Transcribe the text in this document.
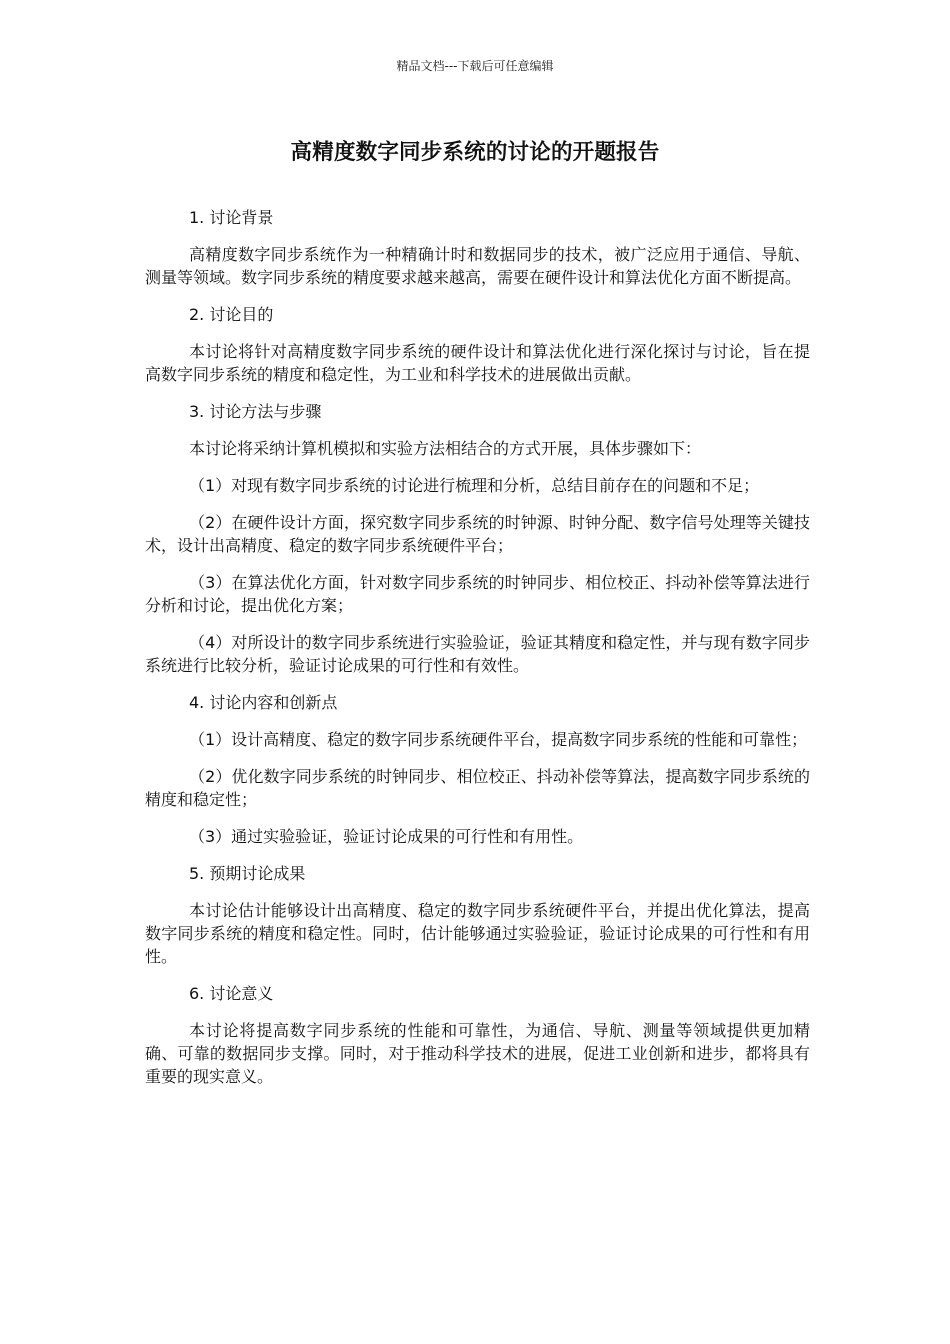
精品文档---下载后可任意编辑
高精度数字同步系统的讨论的开题报告
1. 讨论背景
高精度数字同步系统作为一种精确计时和数据同步的技术，被广泛应用于通信、导航、测量等领域。数字同步系统的精度要求越来越高，需要在硬件设计和算法优化方面不断提高。
2. 讨论目的
本讨论将针对高精度数字同步系统的硬件设计和算法优化进行深化探讨与讨论，旨在提高数字同步系统的精度和稳定性，为工业和科学技术的进展做出贡献。
3. 讨论方法与步骤
本讨论将采纳计算机模拟和实验方法相结合的方式开展，具体步骤如下：
（1）对现有数字同步系统的讨论进行梳理和分析，总结目前存在的问题和不足；
（2）在硬件设计方面，探究数字同步系统的时钟源、时钟分配、数字信号处理等关键技术，设计出高精度、稳定的数字同步系统硬件平台；
（3）在算法优化方面，针对数字同步系统的时钟同步、相位校正、抖动补偿等算法进行分析和讨论，提出优化方案；
（4）对所设计的数字同步系统进行实验验证，验证其精度和稳定性，并与现有数字同步系统进行比较分析，验证讨论成果的可行性和有效性。
4. 讨论内容和创新点
（1）设计高精度、稳定的数字同步系统硬件平台，提高数字同步系统的性能和可靠性；
（2）优化数字同步系统的时钟同步、相位校正、抖动补偿等算法，提高数字同步系统的精度和稳定性；
（3）通过实验验证，验证讨论成果的可行性和有用性。
5. 预期讨论成果
本讨论估计能够设计出高精度、稳定的数字同步系统硬件平台，并提出优化算法，提高数字同步系统的精度和稳定性。同时，估计能够通过实验验证，验证讨论成果的可行性和有用性。
6. 讨论意义
本讨论将提高数字同步系统的性能和可靠性，为通信、导航、测量等领域提供更加精确、可靠的数据同步支撑。同时，对于推动科学技术的进展，促进工业创新和进步，都将具有重要的现实意义。
